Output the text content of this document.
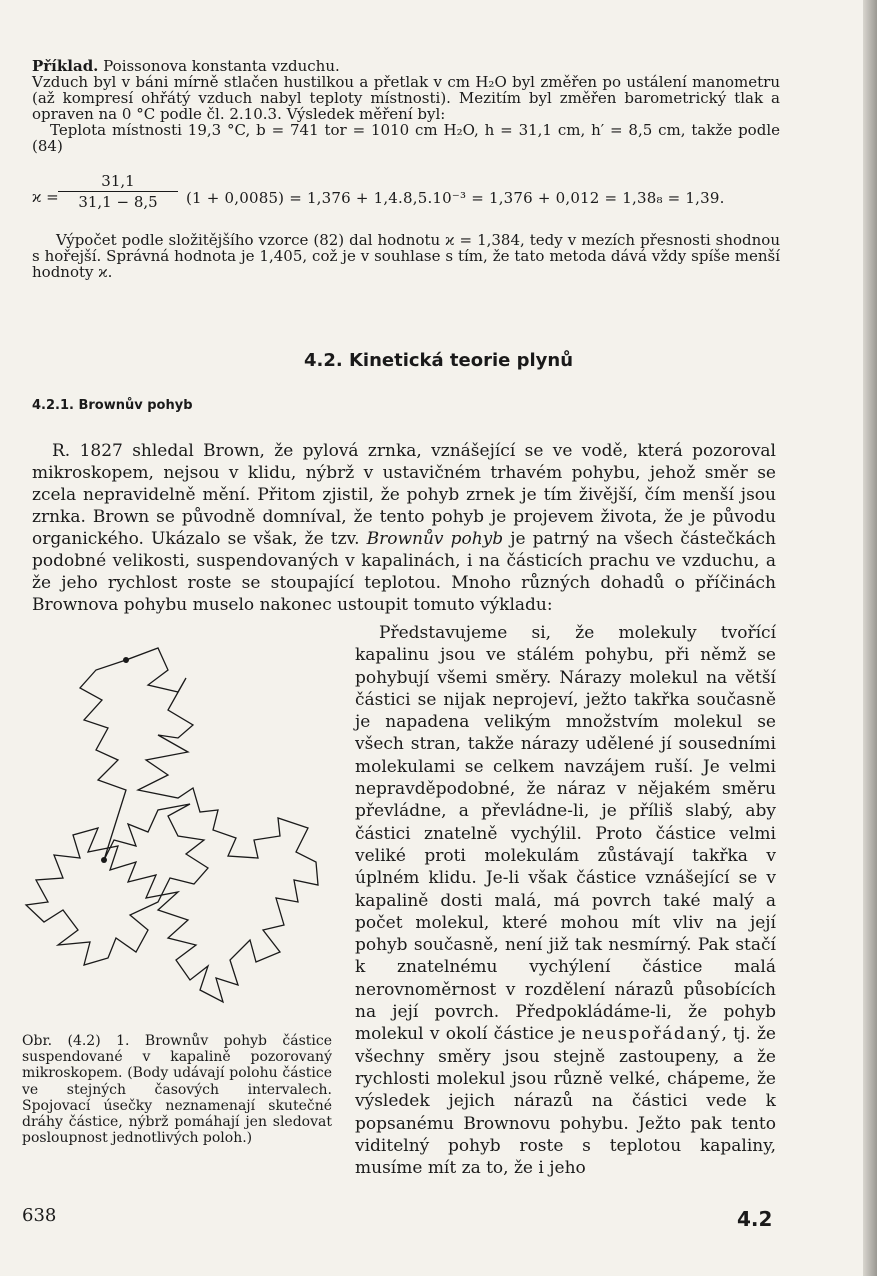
Příklad. Poissonova konstanta vzduchu.

Vzduch byl v báni mírně stlačen hustilkou a přetlak v cm H₂O byl změřen po ustálení manometru (až kompresí ohřátý vzduch nabyl teploty místnosti). Mezitím byl změřen barometrický tlak a opraven na 0 °C podle čl. 2.10.3. Výsledek měření byl:

Teplota místnosti 19,3 °C, b = 741 tor = 1010 cm H₂O, h = 31,1 cm, h′ = 8,5 cm, takže podle (84)

$ϰ = \frac{31,1}{31,1 - 8,5} (1 + 0,0085) = 1,376 + 1,4.8,5.10^{-3} = 1,376 + 0,012 = 1,38_8 = 1,39$.
Výpočet podle složitějšího vzorce (82) dal hodnotu ϰ = 1,384, tedy v mezích přesnosti shodnou s hořejší. Správná hodnota je 1,405, což je v souhlase s tím, že tato metoda dává vždy spíše menší hodnoty ϰ.
4.2. Kinetická teorie plynů
4.2.1. Brownův pohyb
R. 1827 shledal Brown, že pylová zrnka, vznášející se ve vodě, která pozoroval mikroskopem, nejsou v klidu, nýbrž v ustavičném trhavém pohybu, jehož směr se zcela nepravidelně mění. Přitom zjistil, že pohyb zrnek je tím živější, čím menší jsou zrnka. Brown se původně domníval, že tento pohyb je projevem života, že je původu organického. Ukázalo se však, že tzv. Brownův pohyb je patrný na všech částečkách podobné velikosti, suspendovaných v kapalinách, i na částicích prachu ve vzduchu, a že jeho rychlost roste se stoupající teplotou. Mnoho různých dohadů o příčinách Brownova pohybu muselo nakonec ustoupit tomuto výkladu:
Představujeme si, že molekuly tvořící kapalinu jsou ve stálém pohybu, při němž se pohybují všemi směry. Nárazy molekul na větší částici se nijak neprojeví, ježto takřka současně je napadena velikým množstvím molekul se všech stran, takže nárazy udělené jí sousedními molekulami se celkem navzájem ruší. Je velmi nepravděpodobné, že náraz v nějakém směru převládne, a převládne-li, je příliš slabý, aby částici znatelně vychýlil. Proto částice velmi veliké proti molekulám zůstávají takřka v úplném klidu. Je-li však částice vznášející se v kapalině dosti malá, má povrch také malý a počet molekul, které mohou mít vliv na její pohyb současně, není již tak nesmírný. Pak stačí k znatelnému vychýlení částice malá nerovnoměrnost v rozdělení nárazů působících na její povrch. Předpokládáme-li, že pohyb molekul v okolí částice je neuspořádaný, tj. že všechny směry jsou stejně zastoupeny, a že rychlosti molekul jsou různě velké, chápeme, že výsledek jejich nárazů na částici vede k popsanému Brownovu pohybu. Ježto pak tento viditelný pohyb roste s teplotou kapaliny, musíme mít za to, že i jeho
Obr. (4.2) 1. Brownův pohyb částice suspendované v kapalině pozorovaný mikroskopem. (Body udávají polohu částice ve stejných časových intervalech. Spojovací úsečky neznamenají skutečné dráhy částice, nýbrž pomáhají jen sledovat posloupnost jednotlivých poloh.)
638	4.2
